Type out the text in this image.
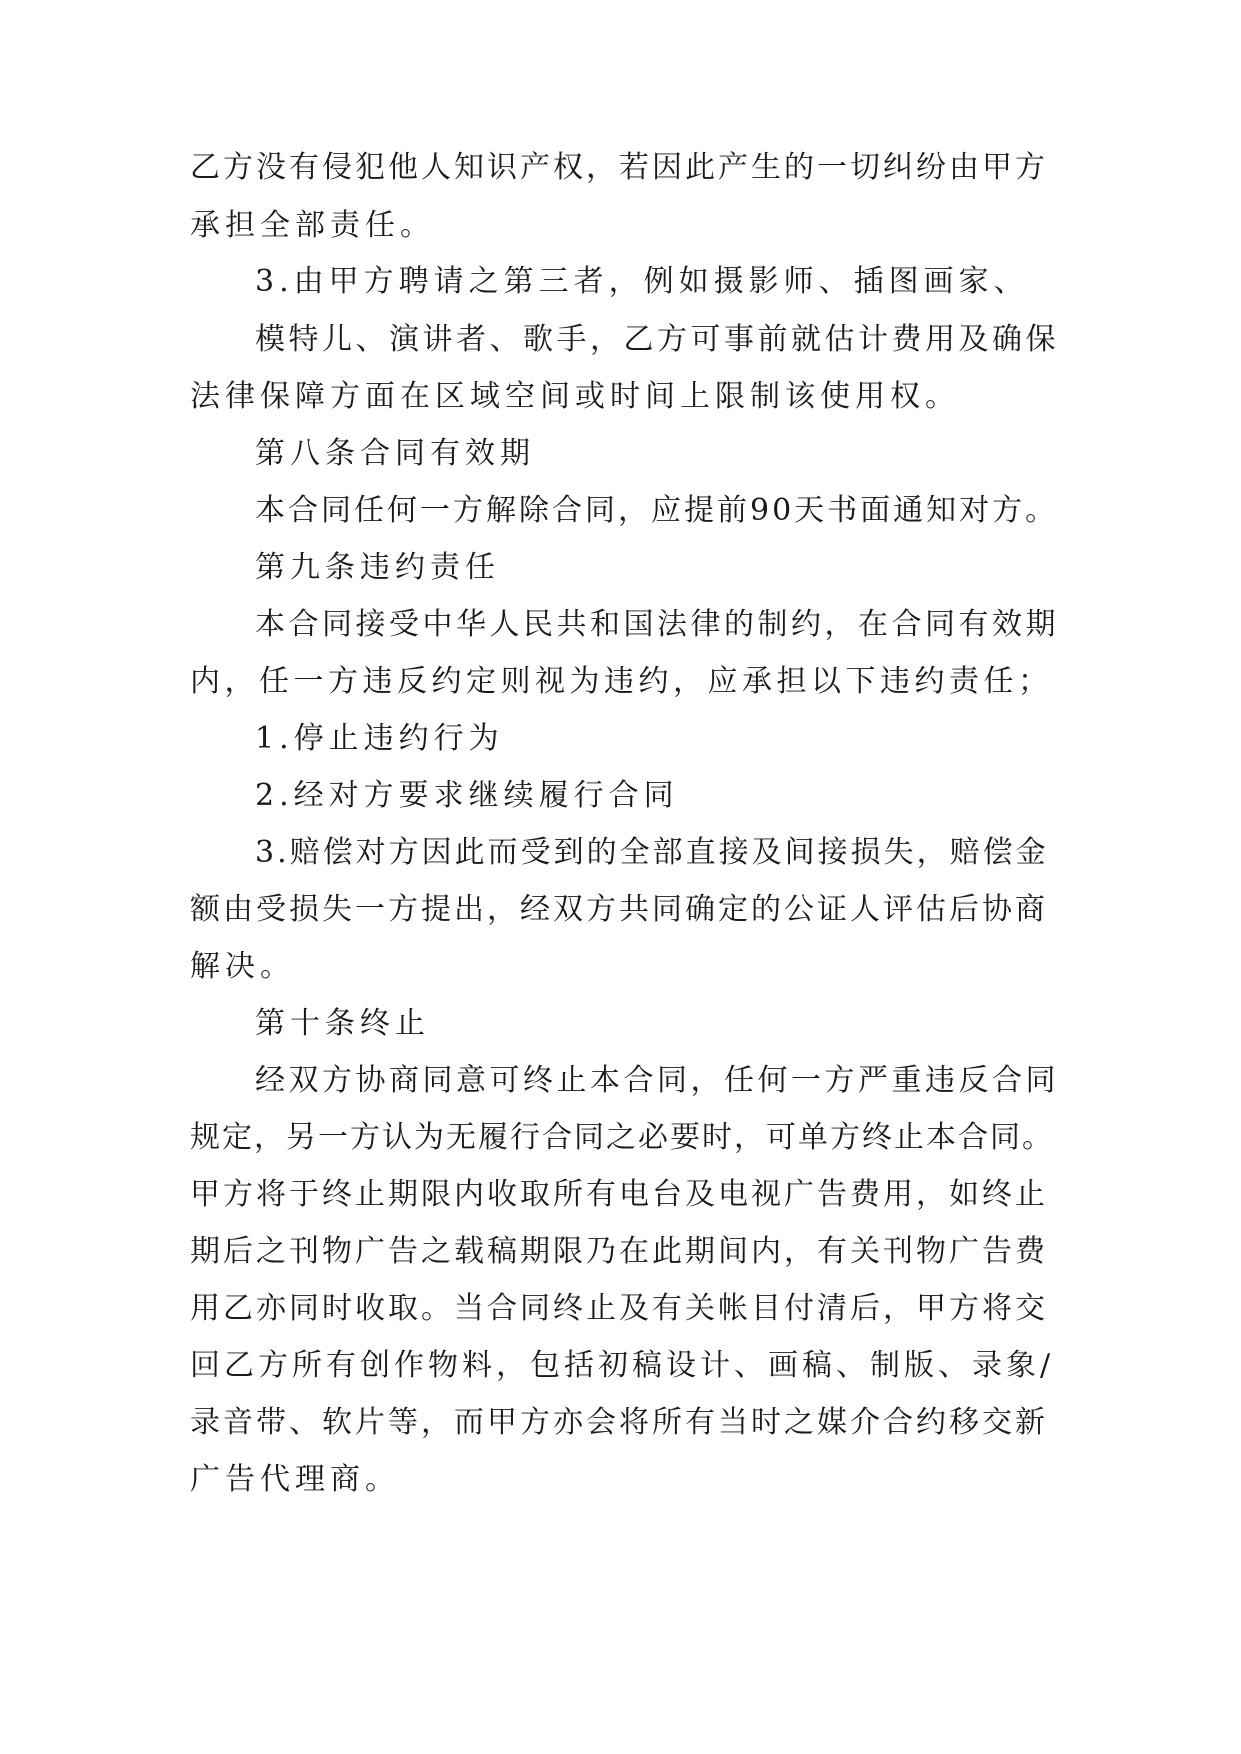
乙方没有侵犯他人知识产权，若因此产生的一切纠纷由甲方
承担全部责任。
3.由甲方聘请之第三者，例如摄影师、插图画家、
模特儿、演讲者、歌手，乙方可事前就估计费用及确保
法律保障方面在区域空间或时间上限制该使用权。
第八条合同有效期
本合同任何一方解除合同，应提前90天书面通知对方。
第九条违约责任
本合同接受中华人民共和国法律的制约，在合同有效期
内，任一方违反约定则视为违约，应承担以下违约责任；
1.停止违约行为
2.经对方要求继续履行合同
3.赔偿对方因此而受到的全部直接及间接损失，赔偿金
额由受损失一方提出，经双方共同确定的公证人评估后协商
解决。
第十条终止
经双方协商同意可终止本合同，任何一方严重违反合同
规定，另一方认为无履行合同之必要时，可单方终止本合同。
甲方将于终止期限内收取所有电台及电视广告费用，如终止
期后之刊物广告之载稿期限乃在此期间内，有关刊物广告费
用乙亦同时收取。当合同终止及有关帐目付清后，甲方将交
回乙方所有创作物料，包括初稿设计、画稿、制版、录象/
录音带、软片等，而甲方亦会将所有当时之媒介合约移交新
广告代理商。
